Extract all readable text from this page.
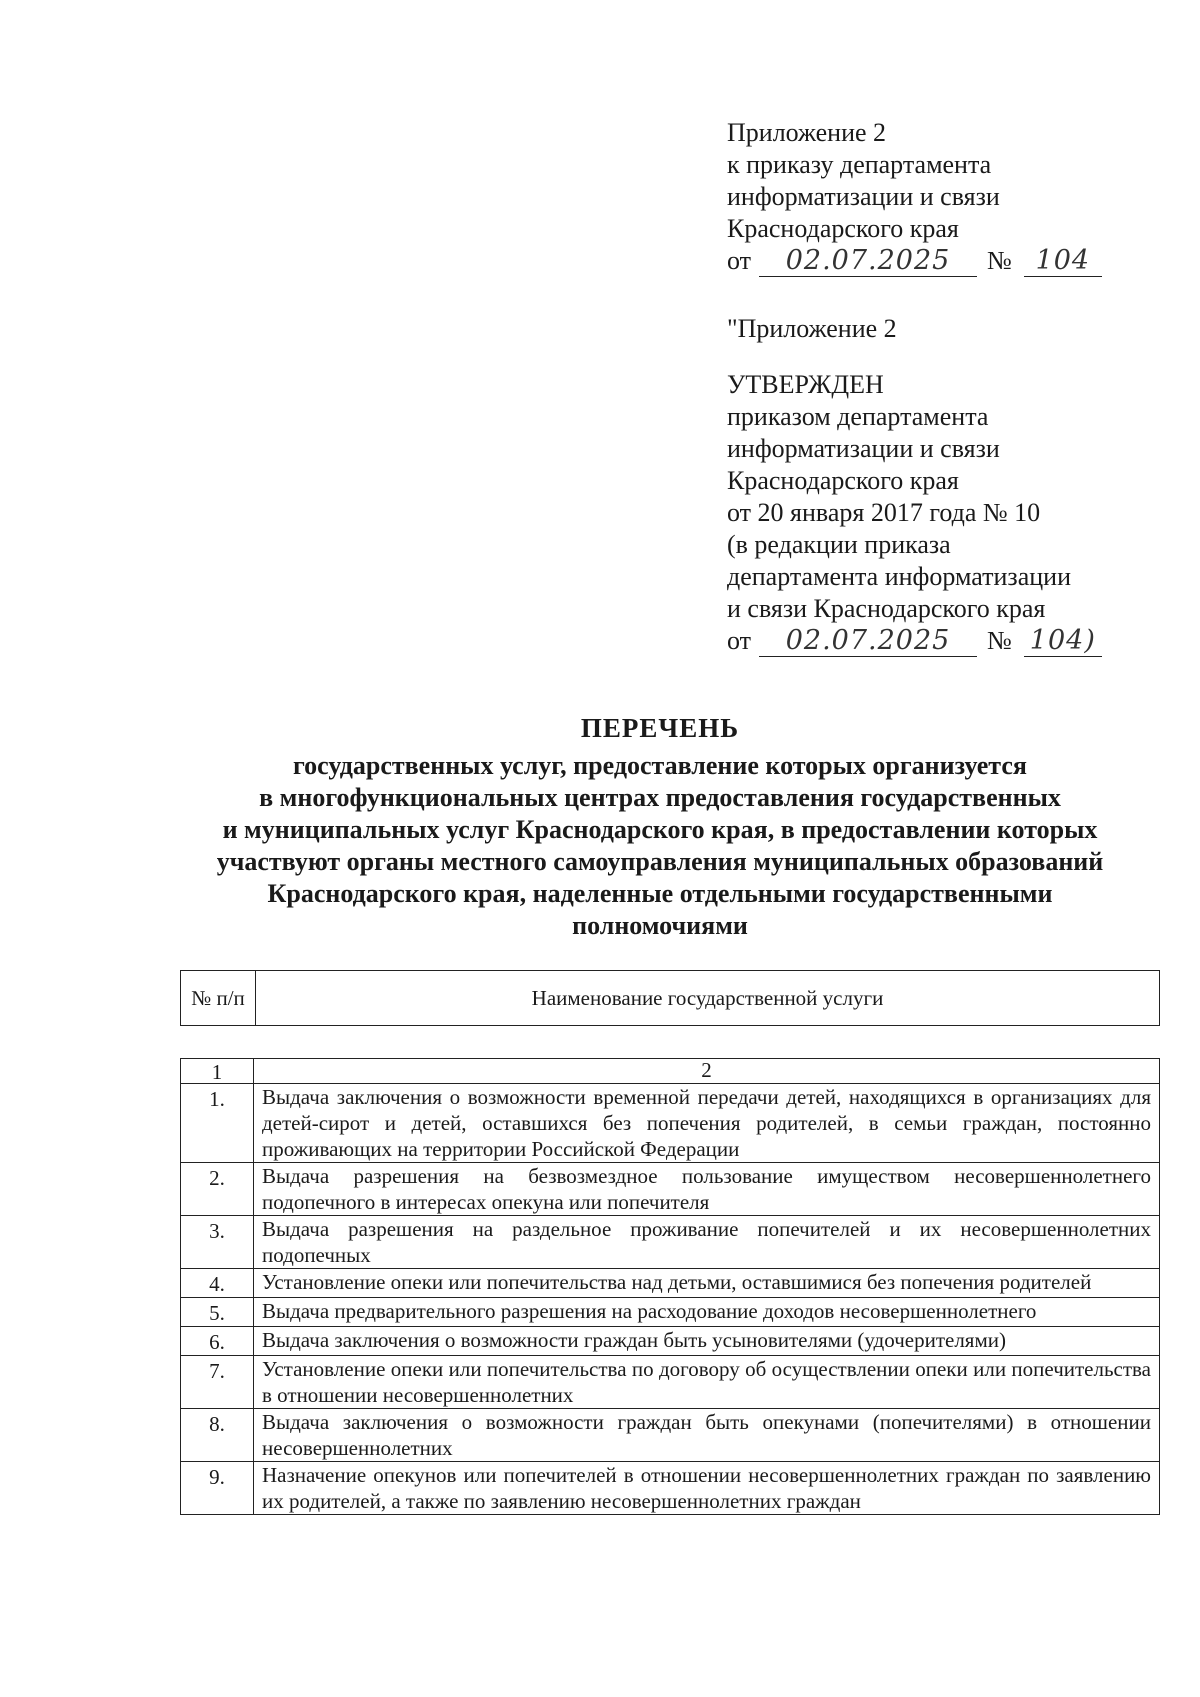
Приложение 2
к приказу департамента
информатизации и связи
Краснодарского края
от	02.07.2025	№ 104
"Приложение 2
УТВЕРЖДЕН
приказом департамента
информатизации и связи
Краснодарского края
от 20 января 2017 года № 10
(в редакции приказа
департамента информатизации
и связи Краснодарского края
от	02.07.2025	№ 104)
ПЕРЕЧЕНЬ
государственных услуг, предоставление которых организуется
в многофункциональных центрах предоставления государственных
и муниципальных услуг Краснодарского края, в предоставлении которых
участвуют органы местного самоуправления муниципальных образований
Краснодарского края, наделенные отдельными государственными
полномочиями
№ п/п	Наименование государственной услуги
1	2
1.	Выдача заключения о возможности временной передачи детей, находящихся в организациях для детей-сирот и детей, оставшихся без попечения родителей, в семьи граждан, постоянно проживающих на территории Российской Федерации
2.	Выдача разрешения на безвозмездное пользование имуществом несовершеннолетнего подопечного в интересах опекуна или попечителя
3.	Выдача разрешения на раздельное проживание попечителей и их несовершеннолетних подопечных
4.	Установление опеки или попечительства над детьми, оставшимися без попечения родителей
5.	Выдача предварительного разрешения на расходование доходов несовершеннолетнего
6.	Выдача заключения о возможности граждан быть усыновителями (удочерителями)
7.	Установление опеки или попечительства по договору об осуществлении опеки или попечительства в отношении несовершеннолетних
8.	Выдача заключения о возможности граждан быть опекунами (попечителями) в отношении несовершеннолетних
9.	Назначение опекунов или попечителей в отношении несовершеннолетних граждан по заявлению их родителей, а также по заявлению несовершеннолетних граждан
